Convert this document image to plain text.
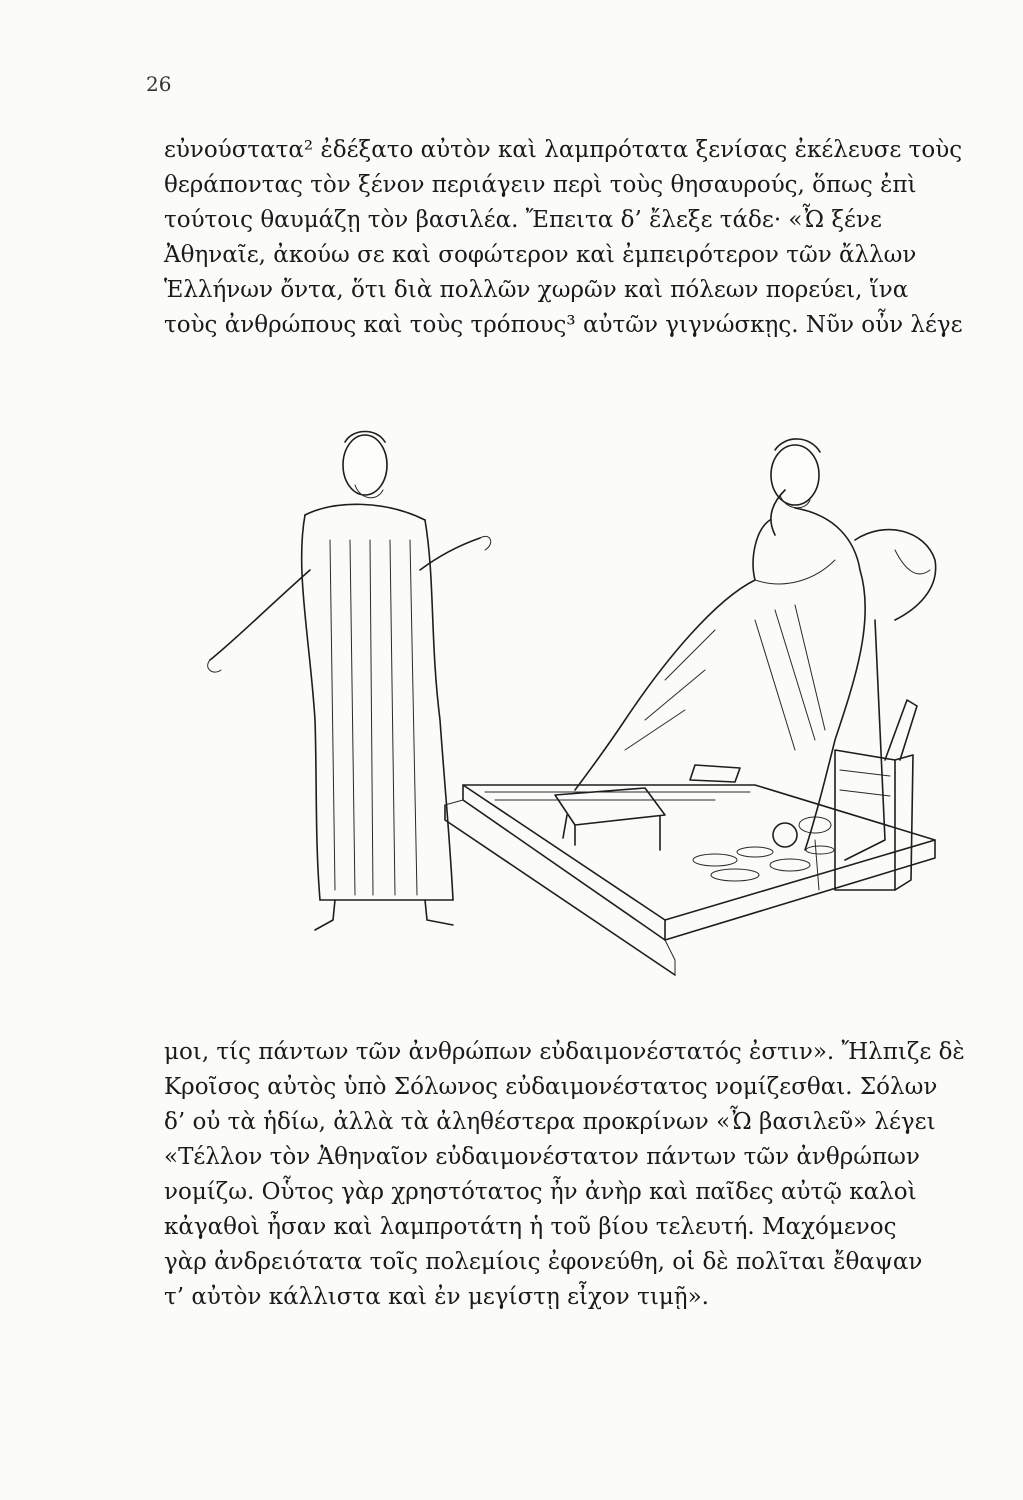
26
εὐνούστατα² ἐδέξατο αὐτὸν καὶ λαμπρότατα ξενίσας ἐκέλευσε τοὺς
θεράποντας τὸν ξένον περιάγειν περὶ τοὺς θησαυρούς, ὅπως ἐπὶ
τούτοις θαυμάζῃ τὸν βασιλέα. Ἔπειτα δ’ ἔλεξε τάδε· «Ὦ ξένε
Ἀθηναῖε, ἀκούω σε καὶ σοφώτερον καὶ ἐμπειρότερον τῶν ἄλλων
Ἑλλήνων ὄντα, ὅτι διὰ πολλῶν χωρῶν καὶ πόλεων πορεύει, ἵνα
τοὺς ἀνθρώπους καὶ τοὺς τρόπους³ αὐτῶν γιγνώσκῃς. Νῦν οὖν λέγε
μοι, τίς πάντων τῶν ἀνθρώπων εὐδαιμονέστατός ἐστιν». Ἤλπιζε δὲ
Κροῖσος αὐτὸς ὑπὸ Σόλωνος εὐδαιμονέστατος νομίζεσθαι. Σόλων
δ’ οὐ τὰ ἡδίω, ἀλλὰ τὰ ἀληθέστερα προκρίνων «Ὦ βασιλεῦ» λέγει
«Τέλλον τὸν Ἀθηναῖον εὐδαιμονέστατον πάντων τῶν ἀνθρώπων
νομίζω. Οὗτος γὰρ χρηστότατος ἦν ἀνὴρ καὶ παῖδες αὐτῷ καλοὶ
κἀγαθοὶ ἦσαν καὶ λαμπροτάτη ἡ τοῦ βίου τελευτή. Μαχόμενος
γὰρ ἀνδρειότατα τοῖς πολεμίοις ἐφονεύθη, οἱ δὲ πολῖται ἔθαψαν
τ’ αὐτὸν κάλλιστα καὶ ἐν μεγίστῃ εἶχον τιμῇ».
